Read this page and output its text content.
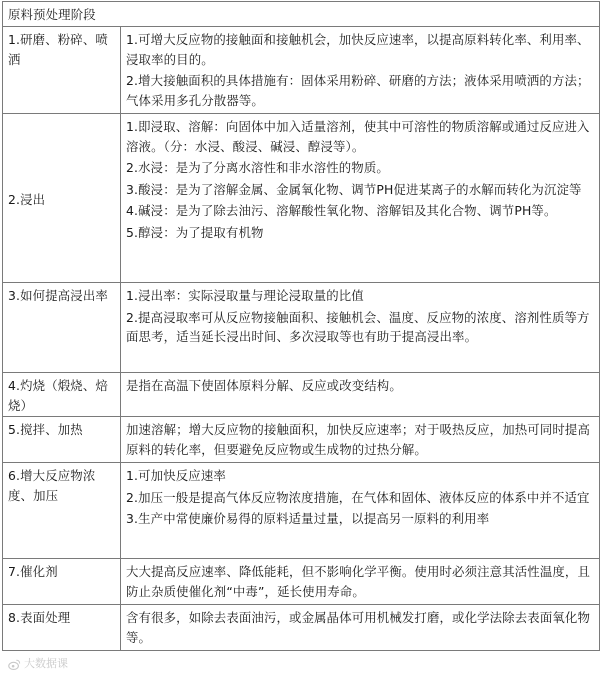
原料预处理阶段	
1.研磨、粉碎、喷洒	1.可增大反应物的接触面和接触机会，加快反应速率，以提高原料转化率、利用率、浸取率的目的。

2.增大接触面积的具体措施有：固体采用粉碎、研磨的方法；液体采用喷洒的方法；气体采用多孔分散器等。

2.浸出	1.即浸取、溶解：向固体中加入适量溶剂，使其中可溶性的物质溶解或通过反应进入溶液。（分：水浸、酸浸、碱浸、醇浸等）。

2.水浸：是为了分离水溶性和非水溶性的物质。

3.酸浸：是为了溶解金属、金属氧化物、调节PH促进某离子的水解而转化为沉淀等

4.碱浸：是为了除去油污、溶解酸性氧化物、溶解铝及其化合物、调节PH等。

5.醇浸：为了提取有机物

3.如何提高浸出率	1.浸出率：实际浸取量与理论浸取量的比值

2.提高浸取率可从反应物接触面积、接触机会、温度、反应物的浓度、溶剂性质等方面思考，适当延长浸出时间、多次浸取等也有助于提高浸出率。

4.灼烧（煅烧、焙烧）	是指在高温下使固体原料分解、反应或改变结构。

5.搅拌、加热	加速溶解；增大反应物的接触面积，加快反应速率；对于吸热反应，加热可同时提高原料的转化率，但要避免反应物或生成物的过热分解。

6.增大反应物浓度、加压	1.可加快反应速率

2.加压一般是提高气体反应物浓度措施，在气体和固体、液体反应的体系中并不适宜

3.生产中常使廉价易得的原料适量过量，以提高另一原料的利用率

7.催化剂	大大提高反应速率、降低能耗，但不影响化学平衡。使用时必须注意其活性温度，且防止杂质使催化剂“中毒”，延长使用寿命。

8.表面处理	含有很多，如除去表面油污，或金属晶体可用机械发打磨，或化学法除去表面氧化物等。

大数据课
